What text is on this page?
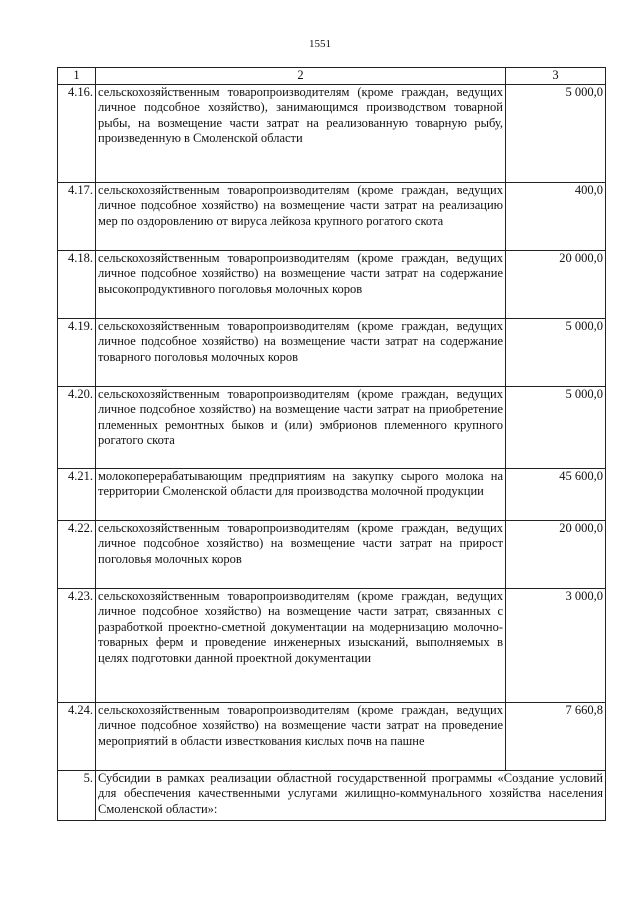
1551
1	2	3
4.16.	сельскохозяйственным товаропроизводителям (кроме граждан, ведущих личное подсобное хозяйство), занимающимся производством товарной рыбы, на возмещение части затрат на реализованную товарную рыбу, произведенную в Смоленской области	5 000,0
4.17.	сельскохозяйственным товаропроизводителям (кроме граждан, ведущих личное подсобное хозяйство) на возмещение части затрат на реализацию мер по оздоровлению от вируса лейкоза крупного рогатого скота	400,0
4.18.	сельскохозяйственным товаропроизводителям (кроме граждан, ведущих личное подсобное хозяйство) на возмещение части затрат на содержание высокопродуктивного поголовья молочных коров	20 000,0
4.19.	сельскохозяйственным товаропроизводителям (кроме граждан, ведущих личное подсобное хозяйство) на возмещение части затрат на содержание товарного поголовья молочных коров	5 000,0
4.20.	сельскохозяйственным товаропроизводителям (кроме граждан, ведущих личное подсобное хозяйство) на возмещение части затрат на приобретение племенных ремонтных быков и (или) эмбрионов племенного крупного рогатого скота	5 000,0
4.21.	молокоперерабатывающим предприятиям на закупку сырого молока на территории Смоленской области для производства молочной продукции	45 600,0
4.22.	сельскохозяйственным товаропроизводителям (кроме граждан, ведущих личное подсобное хозяйство) на возмещение части затрат на прирост поголовья молочных коров	20 000,0
4.23.	сельскохозяйственным товаропроизводителям (кроме граждан, ведущих личное подсобное хозяйство) на возмещение части затрат, связанных с разработкой проектно-сметной документации на модернизацию молочно-товарных ферм и проведение инженерных изысканий, выполняемых в целях подготовки данной проектной документации	3 000,0
4.24.	сельскохозяйственным товаропроизводителям (кроме граждан, ведущих личное подсобное хозяйство) на возмещение части затрат на проведение мероприятий в области известкования кислых почв на пашне	7 660,8
5.	Субсидии в рамках реализации областной государственной программы «Создание условий для обеспечения качественными услугами жилищно-коммунального хозяйства населения Смоленской области»:	
